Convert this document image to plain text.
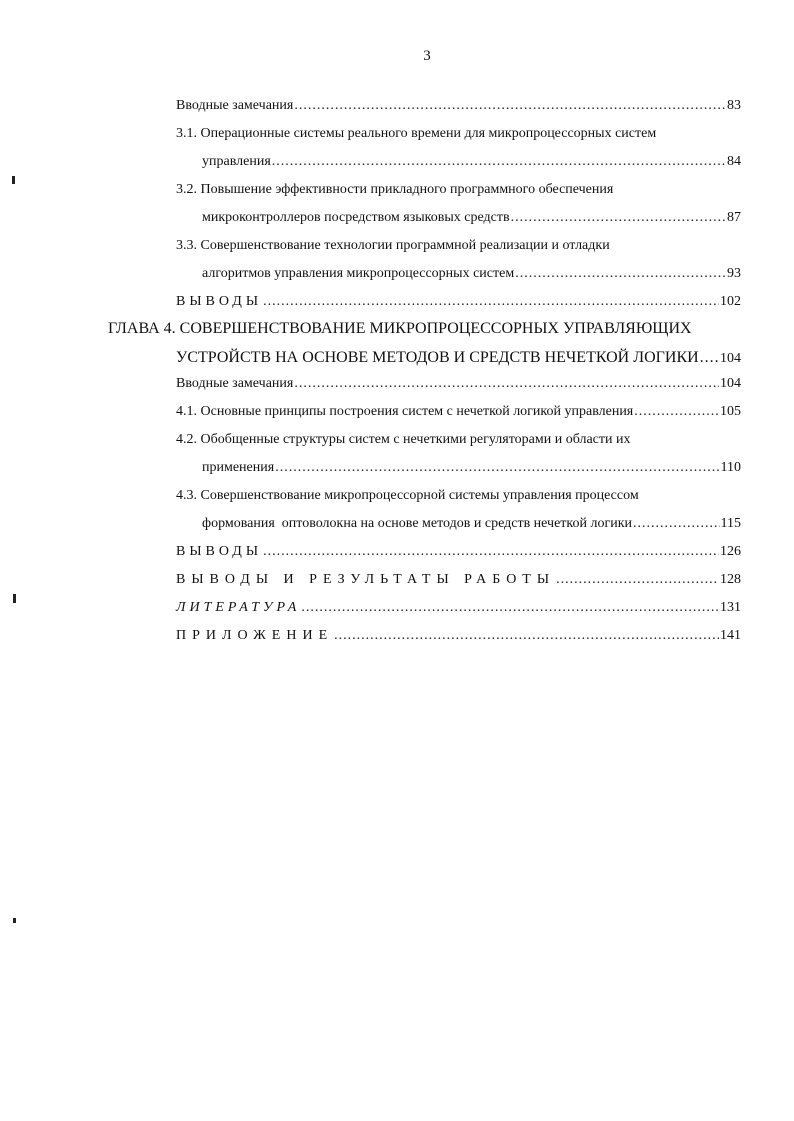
3
Вводные замечания .....	83
3.1. Операционные системы реального времени для микропроцессорных систем
управления .....	84
3.2. Повышение эффективности прикладного программного обеспечения
микроконтроллеров посредством языковых средств .....	87
3.3. Совершенствование технологии программной реализации и отладки
алгоритмов управления микропроцессорных систем .....	93
ВЫВОДЫ .....	102
ГЛАВА 4. СОВЕРШЕНСТВОВАНИЕ МИКРОПРОЦЕССОРНЫХ УПРАВЛЯЮЩИХ
УСТРОЙСТВ НА ОСНОВЕ МЕТОДОВ И СРЕДСТВ НЕЧЕТКОЙ ЛОГИКИ ..... 104
Вводные замечания .....	104
4.1. Основные принципы построения систем с нечеткой логикой управления .....	105
4.2. Обобщенные структуры систем с нечеткими регуляторами и области их
применения .....	110
4.3. Совершенствование микропроцессорной системы управления процессом
формования  оптоволокна на основе методов и средств нечеткой логики .....	115
ВЫВОДЫ .....	126
ВЫВОДЫ И РЕЗУЛЬТАТЫ РАБОТЫ .....	128
ЛИТЕРАТУРА .....	131
ПРИЛОЖЕНИЕ .....	141
